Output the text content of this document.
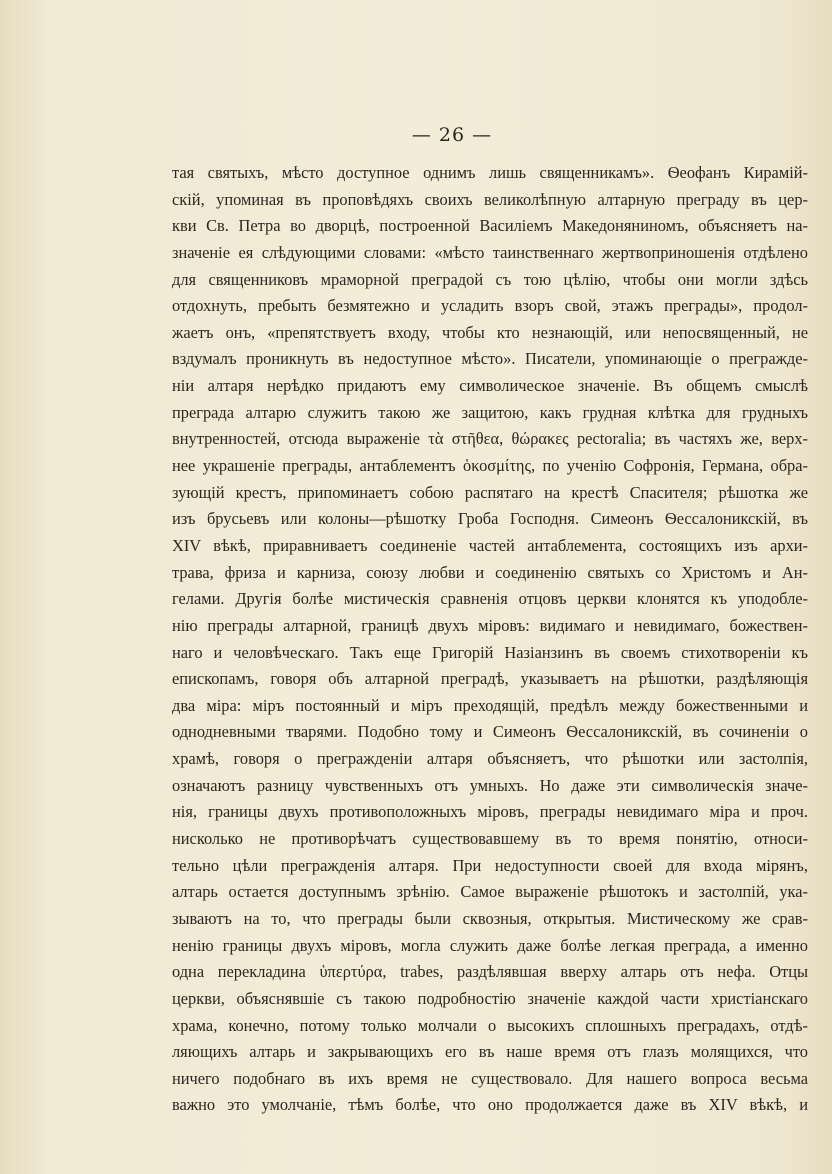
— 26 —
тая святыхъ, мѣсто доступное однимъ лишь священникамъ». Ѳеофанъ Кирамій-
скій, упоминая въ проповѣдяхъ своихъ великолѣпную алтарную преграду въ цер-
кви Св. Петра во дворцѣ, построенной Василіемъ Македоняниномъ, объясняетъ на-
значеніе ея слѣдующими словами: «мѣсто таинственнаго жертвоприношенія отдѣлено
для священниковъ мраморной преградой съ тою цѣлію, чтобы они могли здѣсь
отдохнуть, пребыть безмятежно и усладить взоръ свой, этажъ преграды», продол-
жаетъ онъ, «препятствуетъ входу, чтобы кто незнающій, или непосвященный, не
вздумалъ проникнуть въ недоступное мѣсто». Писатели, упоминающіе о прегражде-
ніи алтаря нерѣдко придаютъ ему символическое значеніе. Въ общемъ смыслѣ
преграда алтарю служитъ такою же защитою, какъ грудная клѣтка для грудныхъ
внутренностей, отсюда выраженіе τὰ στῆθεα, θώρακες pectoralia; въ частяхъ же, верх-
нее украшеніе преграды, антаблементъ ὁκοσμίτης, по ученію Софронія, Германа, обра-
зующій крестъ, припоминаетъ собою распятаго на крестѣ Спасителя; рѣшотка же
изъ брусьевъ или колоны—рѣшотку Гроба Господня. Симеонъ Ѳессалоникскій, въ
XIV вѣкѣ, приравниваетъ соединеніе частей антаблемента, состоящихъ изъ архи-
трава, фриза и карниза, союзу любви и соединенію святыхъ со Христомъ и Ан-
гелами. Другія болѣе мистическія сравненія отцовъ церкви клонятся къ уподобле-
нію преграды алтарной, границѣ двухъ міровъ: видимаго и невидимаго, божествен-
наго и человѣческаго. Такъ еще Григорій Назіанзинъ въ своемъ стихотвореніи къ
епископамъ, говоря объ алтарной преградѣ, указываетъ на рѣшотки, раздѣляющія
два міра: міръ постоянный и міръ преходящій, предѣлъ между божественными и
однодневными тварями. Подобно тому и Симеонъ Ѳессалоникскій, въ сочиненіи о
храмѣ, говоря о преграждeніи алтаря объясняетъ, что рѣшотки или застолпія,
означаютъ разницу чувственныхъ отъ умныхъ. Но даже эти символическія значе-
нія, границы двухъ противоположныхъ міровъ, преграды невидимаго міра и проч.
нисколько не противорѣчатъ существовавшему въ то время понятію, относи-
тельно цѣли преграждeнія алтаря. При недоступности своей для входа мірянъ,
алтарь остается доступнымъ зрѣнію. Самое выраженіе рѣшотокъ и застолпій, ука-
зываютъ на то, что преграды были сквозныя, открытыя. Мистическому же срав-
ненію границы двухъ міровъ, могла служить даже болѣе легкая преграда, а именно
одна перекладина ὑπερτύρα, trabes, раздѣлявшая вверху алтарь отъ нефа. Отцы
церкви, объяснявшіе съ такою подробностію значеніе каждой части христіанскаго
храма, конечно, потому только молчали о высокихъ сплошныхъ преградахъ, отдѣ-
ляющихъ алтарь и закрывающихъ его въ наше время отъ глазъ молящихся, что
ничего подобнаго въ ихъ время не существовало. Для нашего вопроса весьма
важно это умолчаніе, тѣмъ болѣе, что оно продолжается даже въ XIV вѣкѣ, и
